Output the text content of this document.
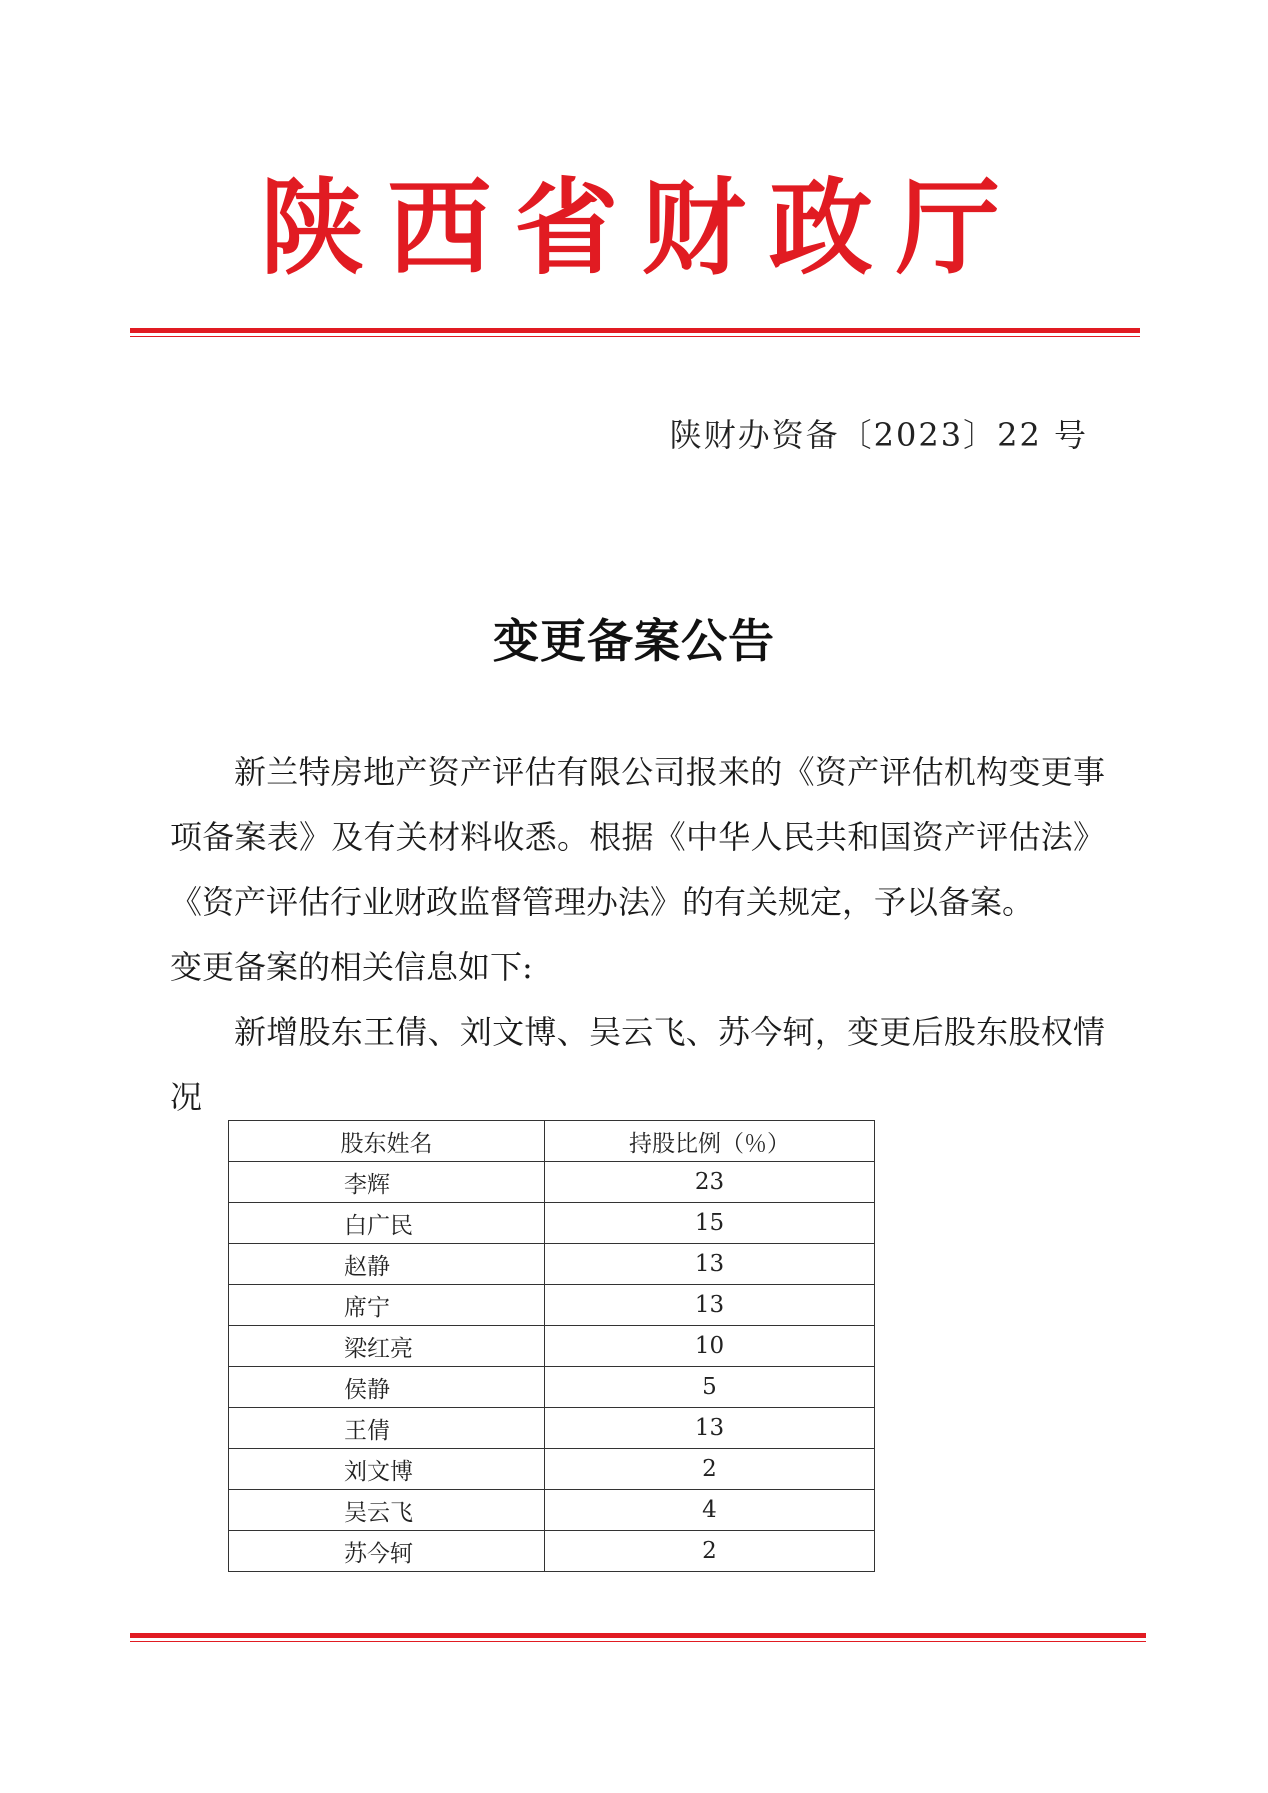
陕 西 省 财 政 厅
陕财办资备〔2023〕22 号
变更备案公告

新兰特房地产资产评估有限公司报来的《资产评估机构变更事项备案表》及有关材料收悉。根据《中华人民共和国资产评估法》《资产评估行业财政监督管理办法》的有关规定，予以备案。

变更备案的相关信息如下:

新增股东王倩、刘文博、吴云飞、苏今轲，变更后股东股权情况

股东姓名	持股比例（％）
李辉	23
白广民	15
赵静	13
席宁	13
梁红亮	10
侯静	5
王倩	13
刘文博	2
吴云飞	4
苏今轲	2
